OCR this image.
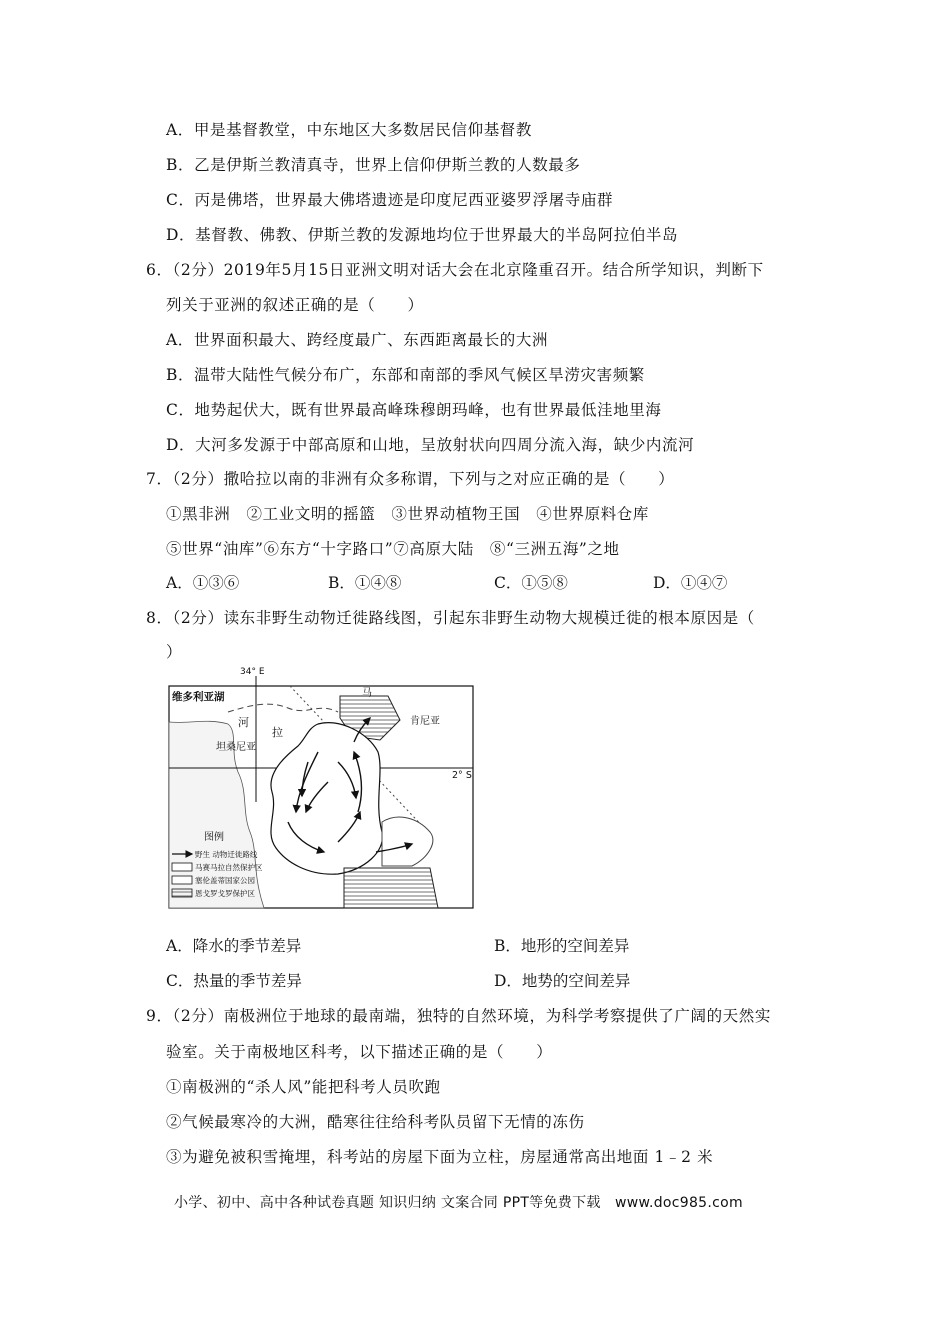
A．甲是基督教堂，中东地区大多数居民信仰基督教
B．乙是伊斯兰教清真寺，世界上信仰伊斯兰教的人数最多
C．丙是佛塔，世界最大佛塔遗迹是印度尼西亚婆罗浮屠寺庙群
D．基督教、佛教、伊斯兰教的发源地均位于世界最大的半岛阿拉伯半岛
6．（2分）2019年5月15日亚洲文明对话大会在北京隆重召开。结合所学知识，判断下
列关于亚洲的叙述正确的是（　　）
A．世界面积最大、跨经度最广、东西距离最长的大洲
B．温带大陆性气候分布广，东部和南部的季风气候区旱涝灾害频繁
C．地势起伏大，既有世界最高峰珠穆朗玛峰，也有世界最低洼地里海
D．大河多发源于中部高原和山地，呈放射状向四周分流入海，缺少内流河
7．（2分）撒哈拉以南的非洲有众多称谓，下列与之对应正确的是（　　）
①黑非洲　②工业文明的摇篮　③世界动植物王国　④世界原料仓库
⑤世界“油库”⑥东方“十字路口”⑦高原大陆　⑧“三洲五海”之地
A．①③⑥	B．①④⑧	C．①⑤⑧	D．①④⑦
8．（2分）读东非野生动物迁徙路线图，引起东非野生动物大规模迁徙的根本原因是（
）
34° E
维多利亚湖	马
肯尼亚
河
拉
坦桑尼亚
2° S
图例
野生 动物迁徙路线
马赛马拉自然保护区
塞伦盖蒂国家公园
恩戈罗戈罗保护区
A．降水的季节差异	B．地形的空间差异
C．热量的季节差异	D．地势的空间差异
9．（2分）南极洲位于地球的最南端，独特的自然环境，为科学考察提供了广阔的天然实
验室。关于南极地区科考，以下描述正确的是（　　）
①南极洲的“杀人风”能把科考人员吹跑
②气候最寒冷的大洲，酷寒往往给科考队员留下无情的冻伤
③为避免被积雪掩埋，科考站的房屋下面为立柱，房屋通常高出地面 1﹣2 米
小学、初中、高中各种试卷真题 知识归纳 文案合同 PPT等免费下载　www.doc985.com
